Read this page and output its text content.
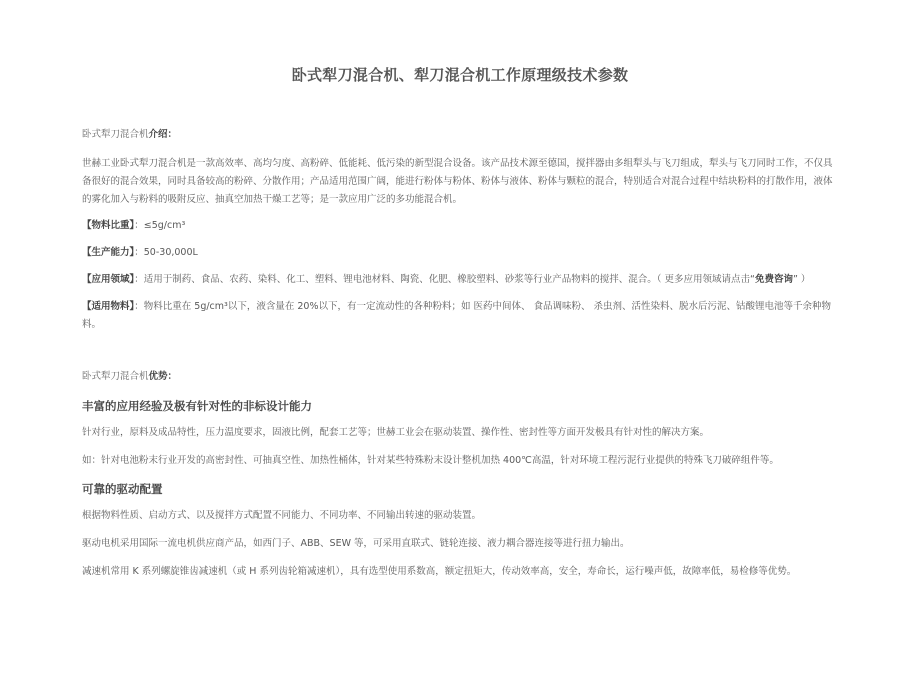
卧式犁刀混合机、犁刀混合机工作原理级技术参数

卧式犁刀混合机介绍：

世赫工业卧式犁刀混合机是一款高效率、高均匀度、高粉碎、低能耗、低污染的新型混合设备。该产品技术源至德国，搅拌器由多组犁头与飞刀组成，犁头与飞刀同时工作，不仅具备很好的混合效果，同时具备较高的粉碎、分散作用；产品适用范围广阔，能进行粉体与粉体、粉体与液体、粉体与颗粒的混合，特别适合对混合过程中结块粉料的打散作用，液体的雾化加入与粉料的吸附反应、抽真空加热干燥工艺等；是一款应用广泛的多功能混合机。

【物料比重】：≤5g/cm³

【生产能力】：50-30,000L

【应用领域】：适用于制药、食品、农药、染料、化工、塑料、锂电池材料、陶瓷、化肥、橡胶塑料、砂浆等行业产品物料的搅拌、混合。（ 更多应用领域请点击“免费咨询” ）

【适用物料】：物料比重在 5g/cm³以下，液含量在 20%以下，有一定流动性的各种粉料；如 医药中间体、 食品调味粉、 杀虫剂、活性染料、脱水后污泥、钴酸锂电池等千余种物料。

卧式犁刀混合机优势：

丰富的应用经验及极有针对性的非标设计能力

针对行业，原料及成品特性，压力温度要求，固液比例，配套工艺等；世赫工业会在驱动装置、操作性、密封性等方面开发极具有针对性的解决方案。

如：针对电池粉末行业开发的高密封性、可抽真空性、加热性桶体，针对某些特殊粉末设计整机加热 400℃高温，针对环境工程污泥行业提供的特殊飞刀破碎组件等。

可靠的驱动配置

根据物料性质、启动方式、以及搅拌方式配置不同能力、不同功率、不同输出转速的驱动装置。

驱动电机采用国际一流电机供应商产品，如西门子、ABB、SEW 等，可采用直联式、链轮连接、液力耦合器连接等进行扭力输出。

减速机常用 K 系列螺旋锥齿减速机（或 H 系列齿轮箱减速机），具有选型使用系数高，额定扭矩大，传动效率高，安全，寿命长，运行噪声低，故障率低，易检修等优势。
